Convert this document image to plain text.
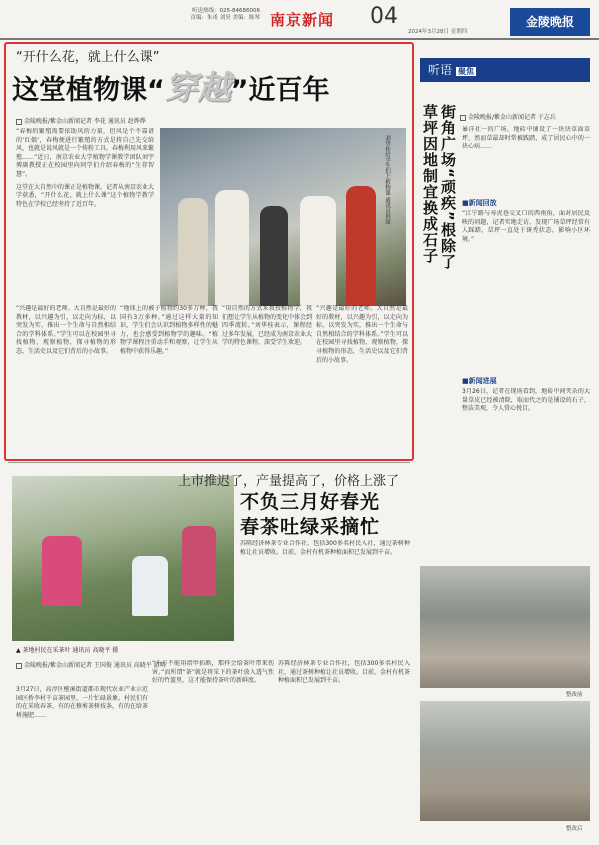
听送热线：025-84686006
首编：朱甬 刘昊 美编：陈琴 南京新闻 04
2024年3月28日 星期四
金陵晚报
“开什么花，就上什么课”
这堂植物课“穿越”近百年
金陵晚报/紫金山新闻记者 李花 通讯员 赵烨烨

“春梅的繁殖需要依助风的力量，但风是个不靠谱的‘红娘’，春梅便进行繁殖的方式是将自己先交给风，也就是说风就是一个传粉工具，春梅利用风来繁殖……”近日，南京农业大学植物学课教学团队刘宇博副教授正在校园里向同学们介绍春梅的“生存智慧”。

这堂在大自然中的课正是植物课，记者从南京农业大学获悉，“开什么花，就上什么课”这个植物学教学特色在学校已经坚持了近百年。	刘华桂给学生们上植物课 通讯员供图

“兴趣是最好的老师。大自然是最好的教材，以兴趣为引，以走向为标，以突发为实，推出一个生命与自然相结合的学科体系。”学生可以在校园里寻找植物，观察植物，探寻植物的形态，生活史以及它们背后的小故事。

“地球上的被子植物约30多万种，我国有3万多种。”通过这样大量的知识，学生们会认识到植物多样性的魅力，也会感受到植物学的趣味。“植物学课程注重动手和观察，让学生从植物中获得乐趣。”

“用自然的方式来教授植物学，我们想让学生从植物的变化中体会到四季流转。”刘华桂表示，课程经过多年发展，已经成为南京农业大学的特色课程，深受学生欢迎。

“兴趣是最好的老师。大自然是最好的教材，以兴趣为引，以走向为标，以突发为实，推出一个生命与自然相结合的学科体系。”学生可以在校园里寻找植物，观察植物，探寻植物的形态，生活史以及它们背后的小故事。

▲ 茶地村民在采茶叶 通讯员 高晓平 摄
上市推迟了，产量提高了，价格上涨了
不负三月好春光
春茶吐绿采摘忙

苏陈经济林茶专业合作社，包括300多名村民入社，通过茶树种植让社员增收。目前，金村有机茶种植面积已发展到千亩。

金陵晚报/紫金山新闻记者 王国俊 通讯员 高晓平 游明

3月27日，高淳区桠溪街道都市现代农业产业示范园区桥李村千亩茶园里，一片忙碌景象。村民们有的在采收春茶，有的在修剪茶树枝条，有的在给茶树施肥……

“千万不能用指甲掐断，那样会给茶叶带来伤害。”而所谓“茶”就是将采下的茶叶放入透气性好的竹篮里，这才能保持茶叶的新鲜度。

苏陈经济林茶专业合作社，包括300多名村民入社，通过茶树种植让社员增收。目前，金村有机茶种植面积已发展到千亩。

听语 聚焦
草坪因地制宜换成石子 街角广场“顽疾”根除了	金陵晚报/紫金山新闻记者 于志兵

暴洋社一的广场，地砖中铺设了一块块草面草坪，然而草最却时常被践踏，成了居民心中的一块心病……

■新闻回放

“江宁路与寿虎巷交叉口的西南角，面对居民反映的问题，记者实地走访，发现广场草坪经常有人踩踏，草坪一直处于斑秃状态，影响小区环境。”

■新闻进展

3月26日，记者在现场看到，地砖中间夹杂的大量草皮已经被清除，取而代之的是铺设的石子，整洁美观，令人赏心悦目。

整改前
整改后
